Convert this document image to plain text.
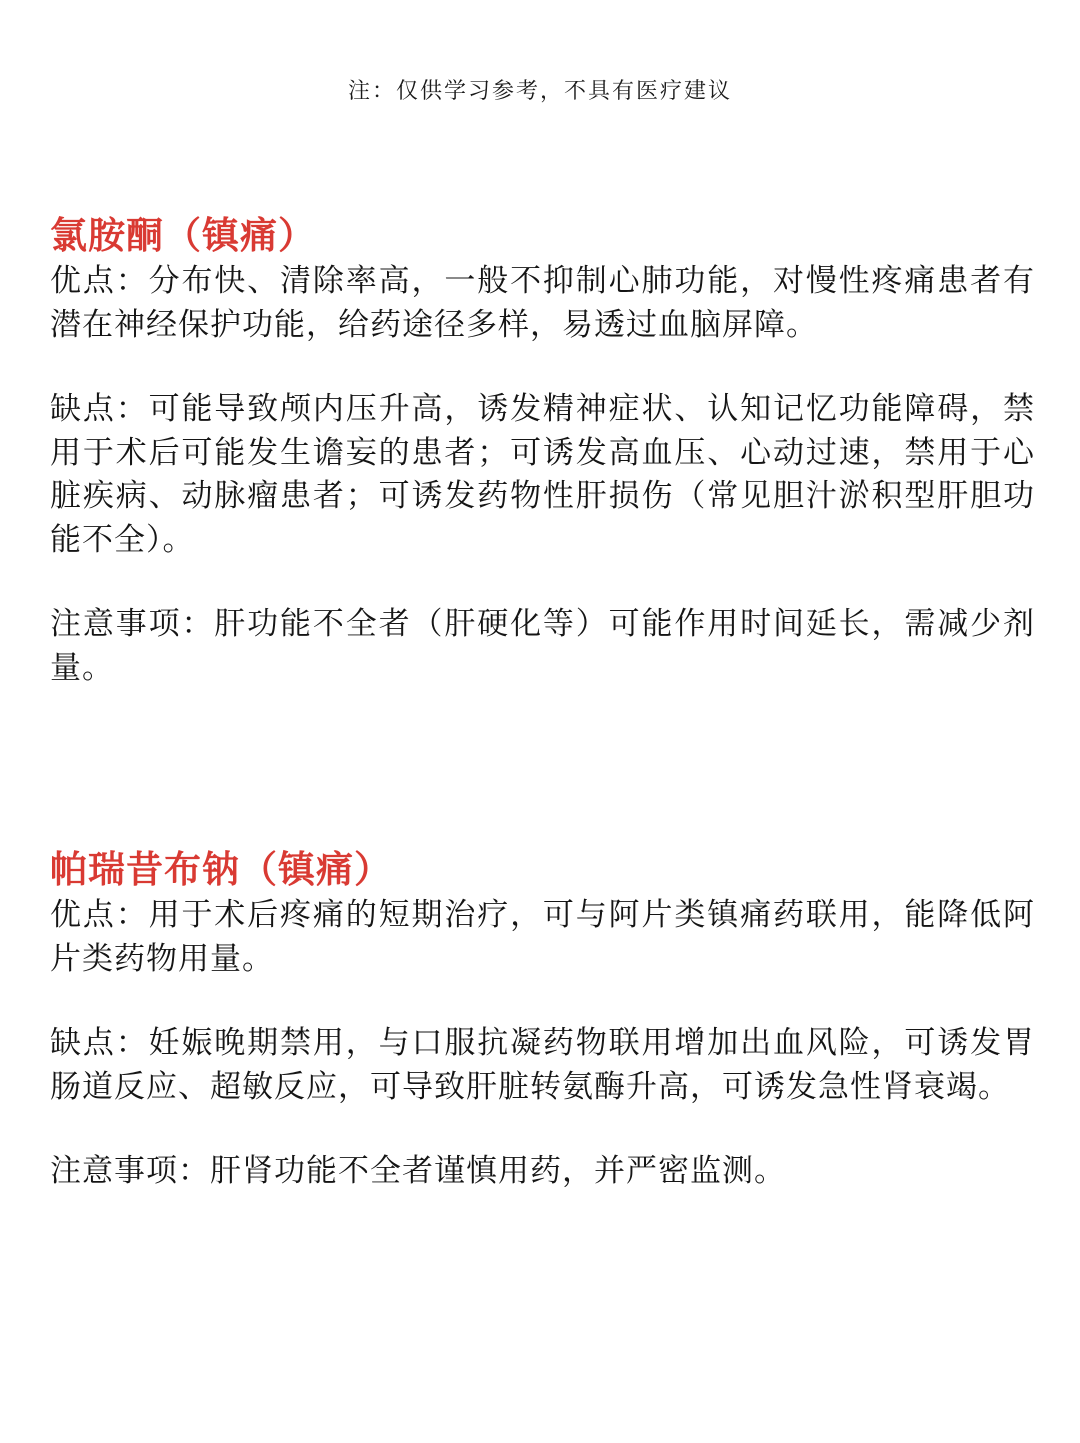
注：仅供学习参考，不具有医疗建议
氯胺酮（镇痛）

优点：分布快、清除率高，一般不抑制心肺功能，对慢性疼痛患者有潜在神经保护功能，给药途径多样，易透过血脑屏障。

缺点：可能导致颅内压升高，诱发精神症状、认知记忆功能障碍，禁用于术后可能发生谵妄的患者；可诱发高血压、心动过速，禁用于心脏疾病、动脉瘤患者；可诱发药物性肝损伤（常见胆汁淤积型肝胆功能不全）。

注意事项：肝功能不全者（肝硬化等）可能作用时间延长，需减少剂量。

帕瑞昔布钠（镇痛）

优点：用于术后疼痛的短期治疗，可与阿片类镇痛药联用，能降低阿片类药物用量。

缺点：妊娠晚期禁用，与口服抗凝药物联用增加出血风险，可诱发胃肠道反应、超敏反应，可导致肝脏转氨酶升高，可诱发急性肾衰竭。

注意事项：肝肾功能不全者谨慎用药，并严密监测。
